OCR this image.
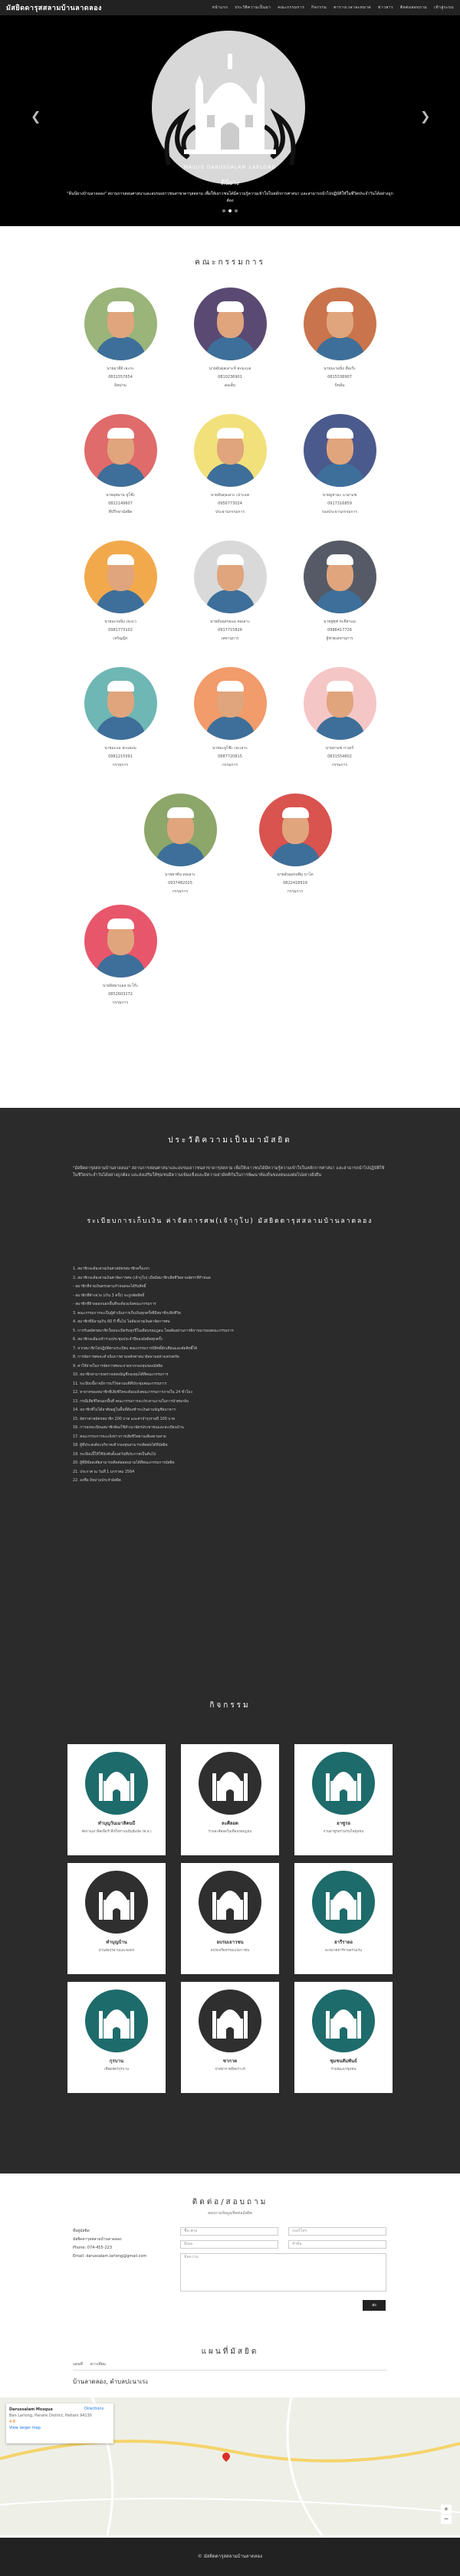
มัสยิดดารุสสลามบ้านลาดลอง	หน้าแรก ประวัติความเป็นมา คณะกรรมการ กิจกรรม ตารางเวลาละหมาด ข่าวสาร ติดต่อสอบถาม เข้าสู่ระบบ
MASJID DARUSSALAM LARLONG
ดีนิ่ยาง
"ดีนนียางบ้านลาดลอง" สถานการสอนศาสนาและอบรมเยาวชนสาขาดารุสสลาม เพื่อให้เยาวชนได้มีความรู้ความเข้าใจในหลักการศาสนา และสามารถนำไปปฏิบัติใช้ในชีวิตประจำวันได้อย่างถูกต้อง
❮	❯
คณะกรรมการ

นายอาลีย์ เจะกะ

0831557654

อิหม่าม

นายอับดุลเลาะห์ สะมะแอ

0810236901

คอเต็บ

นายมะรอนิง ดือเร๊ะ

0815538907

บิหลั่น

นายอุสมาน ยูโซ๊ะ

0822149607

ที่ปรึกษามัสยิด

นายอับดุลเลาะ เปาะแต

0956773024

ประธานกรรมการ

นายมูหามะ แวอาแซ

0917316859

รองประธานกรรมการ

นายมะรอนิง เจะแว

0981773102

เหรัญญิก

นายอับดุลรอแม ดอเลาะ

0917715826

เลขานุการ

นายยูซุฟ หะยีสาแม

0986417726

ผู้ช่วยเลขานุการ

นายมะแอ สะแลแม

0981215091

กรรมการ

นายมะยูโซ๊ะ เจะเลาะ

0887720815

กรรมการ

นายอาแซ กาเดร์

0831554602

กรรมการ

นายฮาซัน ดอเลาะ

0937482025

กรรมการ

นายอับดุลรอฮิม บาโด

0822418919

กรรมการ

นายอิสมาแอล ยะโก๊ะ

0852603272

กรรมการ

ประวัติความเป็นมามัสยิด
"มัสยิดดารุสสลามบ้านลาดลอง" สถานการสอนศาสนาและอบรมเยาวชนสาขาดารุสสลาม เพื่อให้เยาวชนได้มีความรู้ความเข้าใจในหลักการศาสนา และสามารถนำไปปฏิบัติใช้ในชีวิตประจำวันได้อย่างถูกต้อง และส่งเสริมให้ชุมชนมีความเข้มแข็งและมีความสามัคคีกันในการพัฒนาท้องถิ่นของตนเองต่อไปอย่างยั่งยืน
ระเบียบการเก็บเงิน ค่าจัดการศพ(เจ้ากูโบ) มัสยิดดารุสสลามบ้านลาดลอง
1. สมาชิกจะต้องจ่ายเงินค่าสมัครสมาชิกครั้งแรก
2. สมาชิกจะต้องจ่ายเงินค่าจัดการศพ (เจ้ากูโบ) เมื่อมีสมาชิกเสียชีวิตตามอัตราที่กำหนด
- สมาชิกที่จ่ายเงินครบตามกำหนดจะได้รับสิทธิ์
- สมาชิกที่ค้างจ่าย (เกิน 3 ครั้ง) จะถูกตัดสิทธิ์
- สมาชิกที่ย้ายออกนอกพื้นที่จะต้องแจ้งคณะกรรมการ
3. คณะกรรมการจะเป็นผู้ดำเนินการเก็บเงินทุกครั้งที่มีสมาชิกเสียชีวิต
4. สมาชิกที่มีอายุเกิน 60 ปี ขึ้นไป ไม่ต้องจ่ายเงินค่าจัดการศพ
5. การรับสมัครสมาชิกใหม่จะเปิดรับทุกปีในเดือนรอมฎอน โดยต้องผ่านการพิจารณาของคณะกรรมการ
6. สมาชิกจะต้องเข้าร่วมประชุมประจำปีของมัสยิดทุกครั้ง
7. หากสมาชิกไม่ปฏิบัติตามระเบียบ คณะกรรมการมีสิทธิ์ตักเตือนและตัดสิทธิ์ได้
8. การจัดการศพจะดำเนินการตามหลักศาสนาอิสลามอย่างเคร่งครัด
9. ค่าใช้จ่ายในการจัดการศพจะจ่ายจากกองทุนของมัสยิด
10. สมาชิกสามารถตรวจสอบบัญชีกองทุนได้ที่คณะกรรมการ
11. ระเบียบนี้อาจมีการแก้ไขตามมติที่ประชุมคณะกรรมการ
12. ทายาทของสมาชิกที่เสียชีวิตจะต้องแจ้งคณะกรรมการภายใน 24 ชั่วโมง
13. กรณีเสียชีวิตนอกพื้นที่ คณะกรรมการจะประสานงานในการนำศพกลับ
14. สมาชิกที่ไม่ได้อาศัยอยู่ในพื้นที่ต้องชำระเงินผ่านบัญชีธนาคาร
15. อัตราค่าสมัครสมาชิก 200 บาท และค่าบำรุงรายปี 100 บาท
16. การลงทะเบียนสมาชิกต้องใช้สำเนาบัตรประชาชนและทะเบียนบ้าน
17. คณะกรรมการจะแจ้งข่าวการเสียชีวิตผ่านเสียงตามสาย
18. ผู้ที่ประสงค์จะบริจาคเข้ากองทุนสามารถติดต่อได้ที่มัสยิด
19. ระเบียบนี้ให้ใช้บังคับตั้งแต่วันที่ประกาศเป็นต้นไป
20. ผู้ที่มีข้อสงสัยสามารถติดต่อสอบถามได้ที่คณะกรรมการมัสยิด
21. ประกาศ ณ วันที่ 1 มกราคม 2564
22. ลงชื่อ อิหม่ามประจำมัสยิด
กิจกรรม
ทำบุญวันเมาลิดนบี

จัดงานเมาลิดเพื่อรำลึกถึงท่านนบีมุฮัมมัด (ซ.ล.)

ละศีลอด

ร่วมละศีลอดในเดือนรอมฎอน

อาซูรอ

กวนอาซูรอร่วมกันในชุมชน

ทำบุญบ้าน

อ่านอัลกุรอานและขอพร

อบรมเยาวชน

อบรมจริยธรรมแก่เยาวชน

ฮารีรายอ

ละหมาดฮารีรายอร่วมกัน

กุรบาน

เชือดสัตว์กุรบาน

ซากาต

จ่ายซากาตฟิตเราะห์

ชุมชนสัมพันธ์

ร่วมพัฒนาชุมชน

ติดต่อ/สอบถาม
สอบถามข้อมูล/ติดต่อมัสยิด
ที่อยู่มัสยิด
มัสยิดดารุสสลามบ้านลาดลอง
Phone: 074-455-223
Email: darussalam.larlong@gmail.com
ชื่อ-สกุล	เบอร์โทร
อีเมล	หัวข้อ
ข้อความ
ส่ง
แผนที่มัสยิด
แผนที่ ดาวเทียม
บ้านลาดลอง, ตำบลปะนาเระ
Darussalam Mosque
Ban Larlong, Panare District, Pattani 94130
4.8
View larger map
Directions
+
−
© มัสยิดดารุสสลามบ้านลาดลอง
